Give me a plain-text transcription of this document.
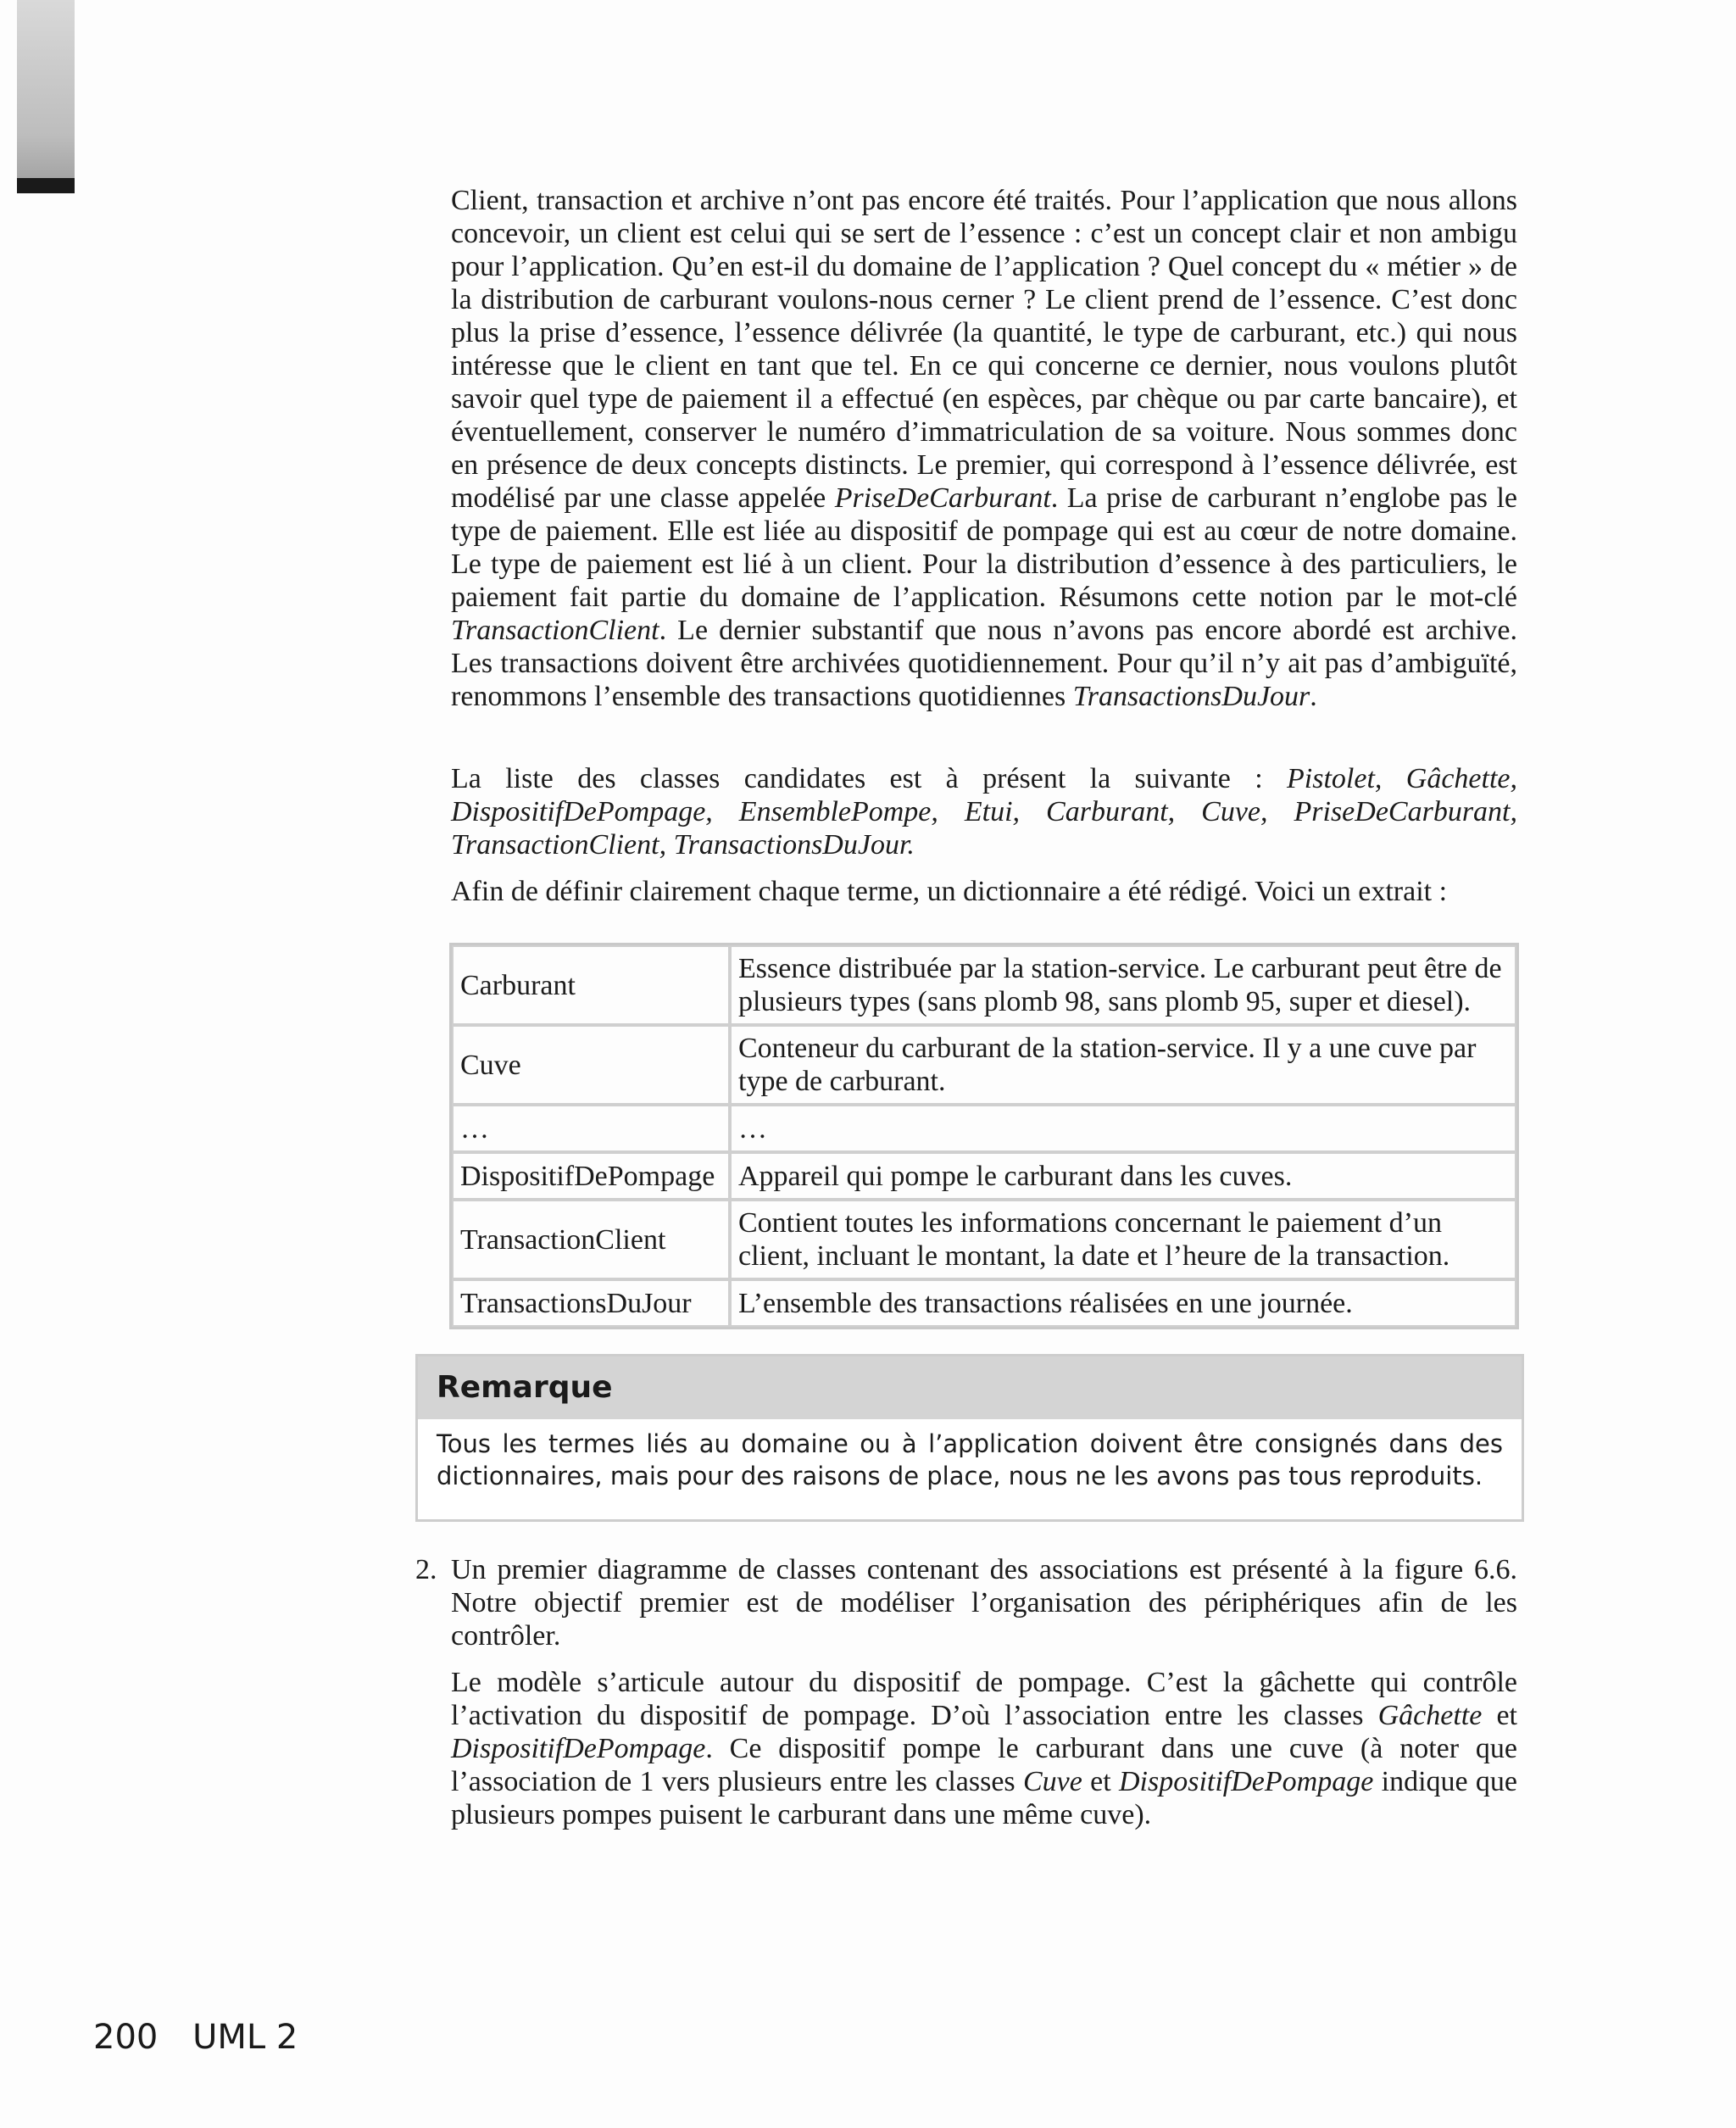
Client, transaction et archive n’ont pas encore été traités. Pour l’application que nous allons concevoir, un client est celui qui se sert de l’essence : c’est un concept clair et non ambigu pour l’application. Qu’en est-il du domaine de l’application ? Quel concept du « métier » de la distribution de carburant voulons-nous cerner ? Le client prend de l’essence. C’est donc plus la prise d’essence, l’essence délivrée (la quantité, le type de carburant, etc.) qui nous intéresse que le client en tant que tel. En ce qui concerne ce dernier, nous voulons plutôt savoir quel type de paiement il a effectué (en espèces, par chèque ou par carte bancaire), et éventuellement, conserver le numéro d’immatriculation de sa voiture. Nous sommes donc en présence de deux concepts distincts. Le premier, qui correspond à l’essence délivrée, est modélisé par une classe appelée PriseDeCarburant. La prise de carburant n’englobe pas le type de paiement. Elle est liée au dispositif de pompage qui est au cœur de notre domaine. Le type de paiement est lié à un client. Pour la distribution d’essence à des particuliers, le paiement fait partie du domaine de l’application. Résumons cette notion par le mot-clé TransactionClient. Le dernier substantif que nous n’avons pas encore abordé est archive. Les transactions doivent être archivées quotidiennement. Pour qu’il n’y ait pas d’ambiguïté, renommons l’ensemble des transactions quotidiennes TransactionsDuJour.

La liste des classes candidates est à présent la suivante : Pistolet, Gâchette, DispositifDePompage, EnsemblePompe, Etui, Carburant, Cuve, PriseDeCarburant, TransactionClient, TransactionsDuJour.

Afin de définir clairement chaque terme, un dictionnaire a été rédigé. Voici un extrait :

Carburant	Essence distribuée par la station-service. Le carburant peut être de plusieurs types (sans plomb 98, sans plomb 95, super et diesel).
Cuve	Conteneur du carburant de la station-service. Il y a une cuve par type de carburant.
…	…
DispositifDePompage	Appareil qui pompe le carburant dans les cuves.
TransactionClient	Contient toutes les informations concernant le paiement d’un client, incluant le montant, la date et l’heure de la transaction.
TransactionsDuJour	L’ensemble des transactions réalisées en une journée.
Remarque
Tous les termes liés au domaine ou à l’application doivent être consignés dans des dictionnaires, mais pour des raisons de place, nous ne les avons pas tous reproduits.
2. Un premier diagramme de classes contenant des associations est présenté à la figure 6.6. Notre objectif premier est de modéliser l’organisation des périphériques afin de les contrôler.

Le modèle s’articule autour du dispositif de pompage. C’est la gâchette qui contrôle l’activation du dispositif de pompage. D’où l’association entre les classes Gâchette et DispositifDePompage. Ce dispositif pompe le carburant dans une cuve (à noter que l’association de 1 vers plusieurs entre les classes Cuve et DispositifDePompage indique que plusieurs pompes puisent le carburant dans une même cuve).

200 UML 2
